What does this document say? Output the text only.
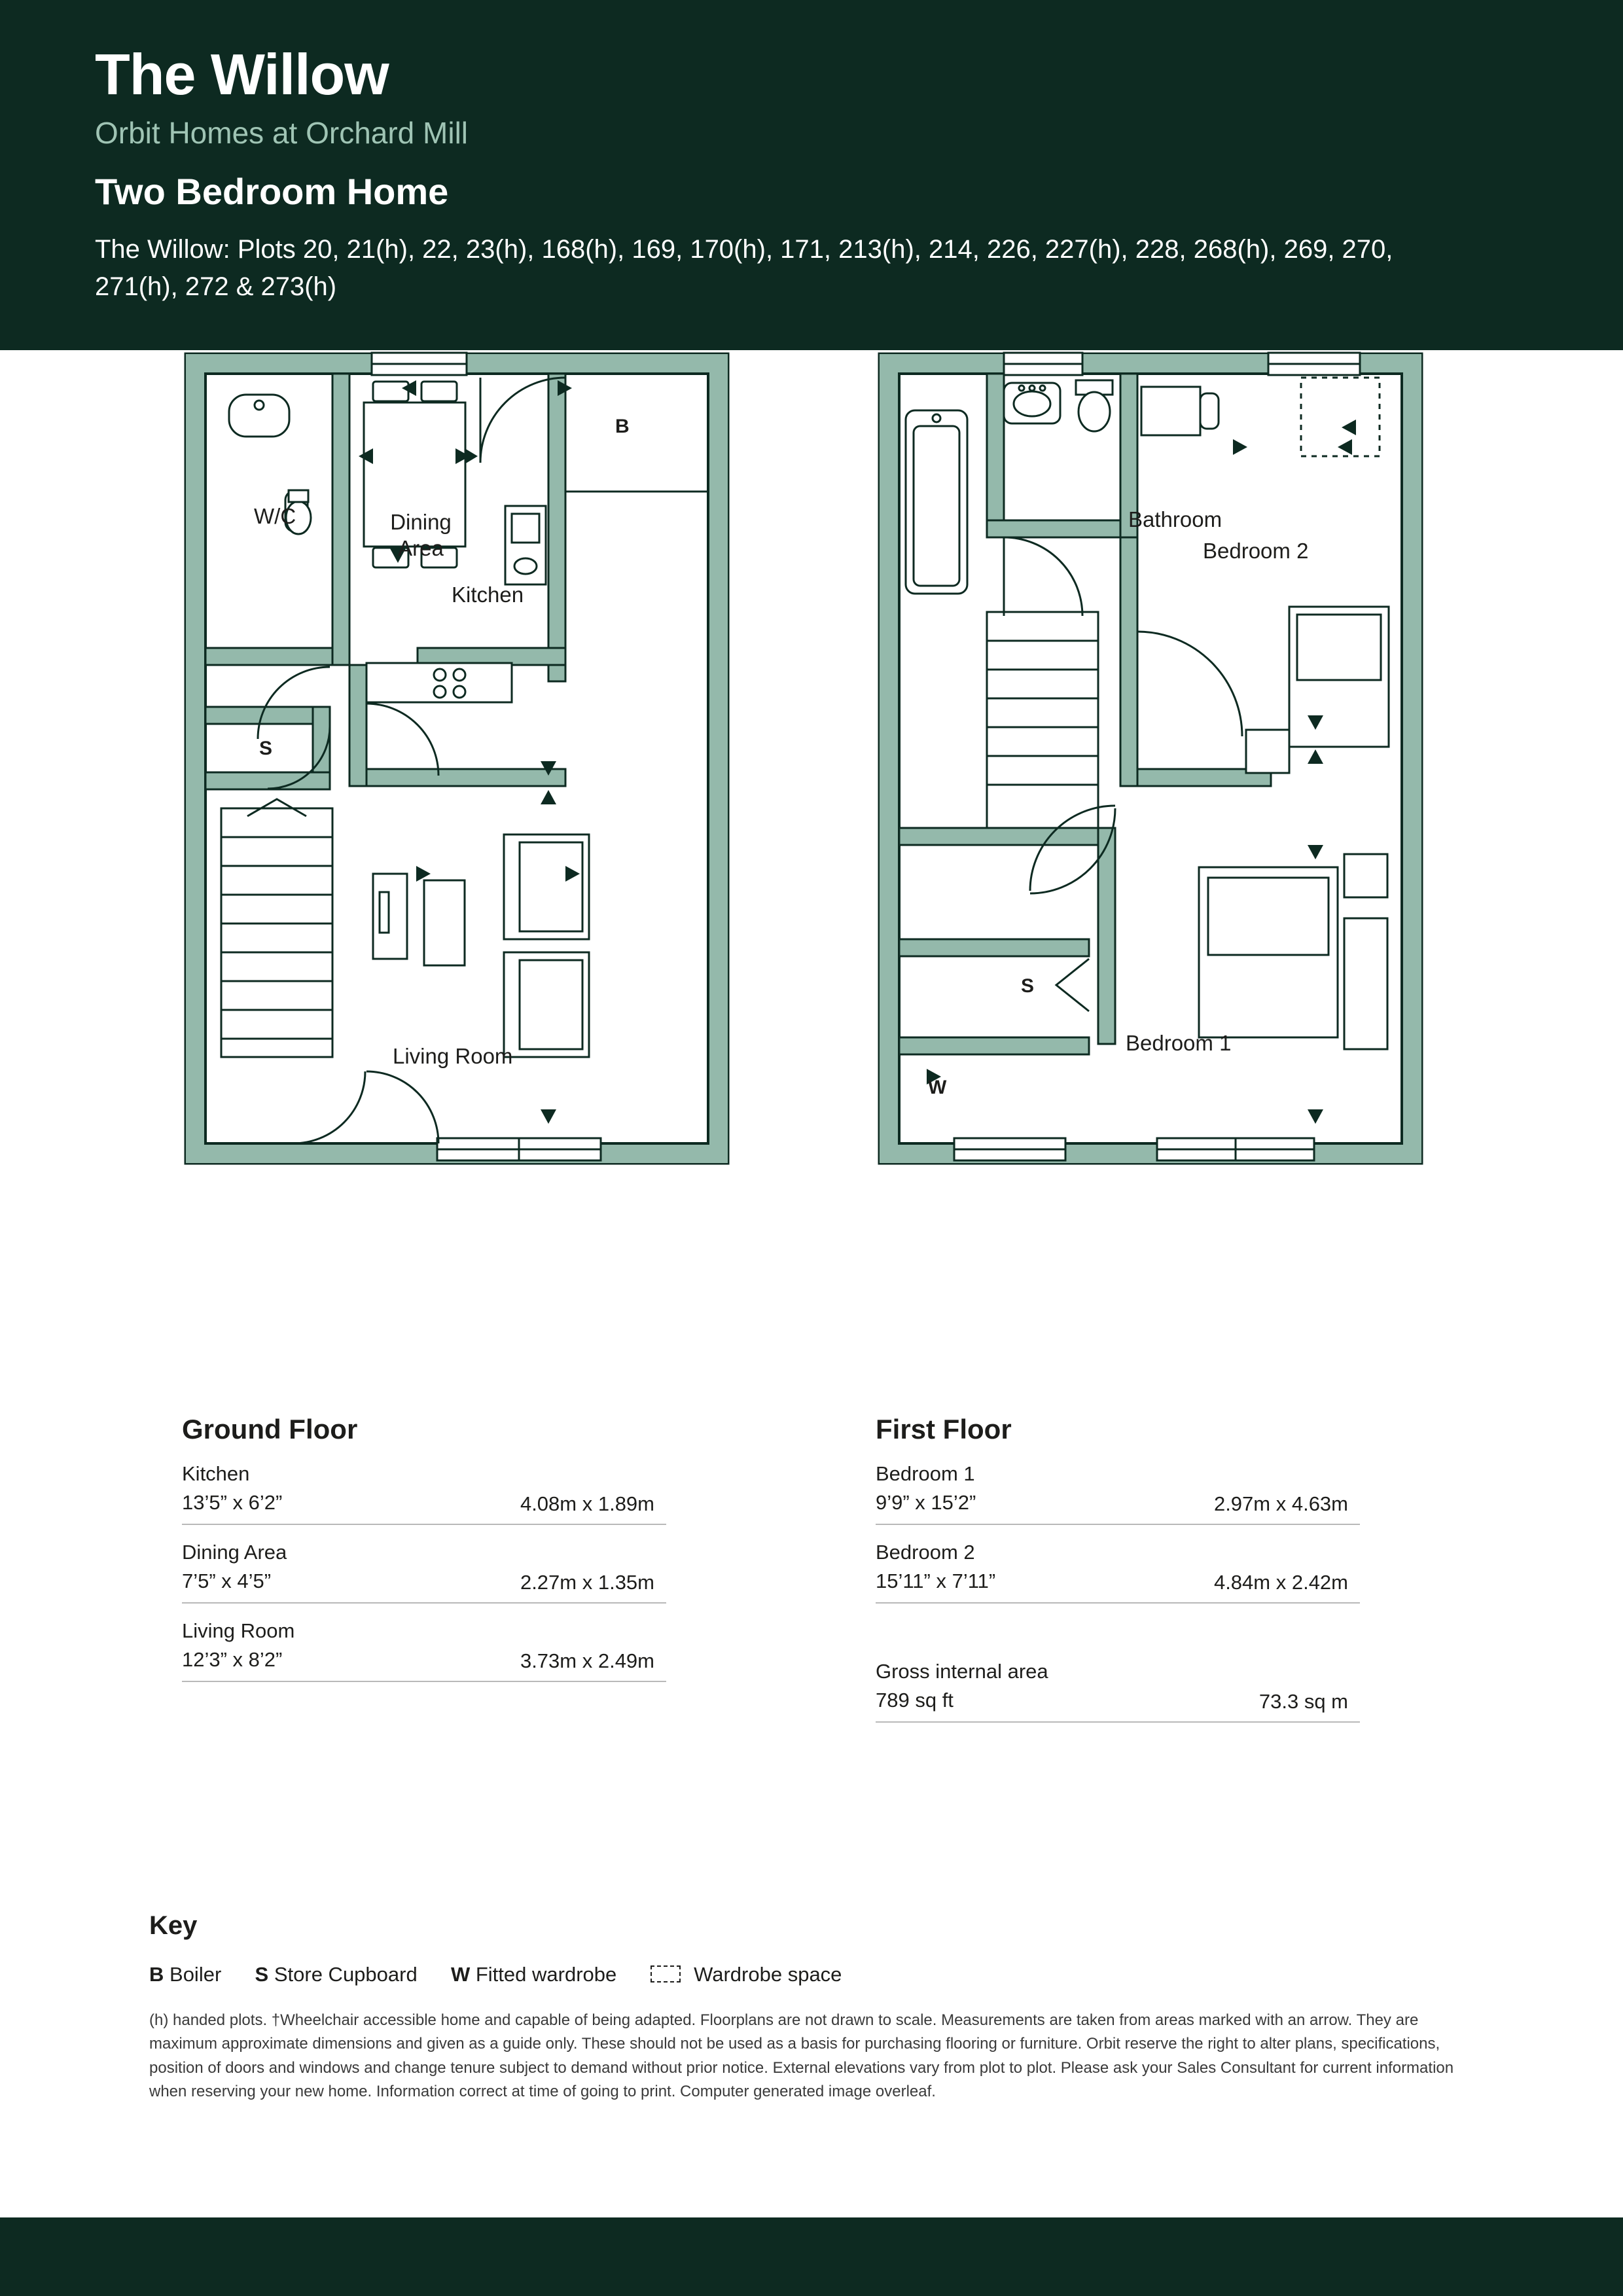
The Willow
Orbit Homes at Orchard Mill
Two Bedroom Home
The Willow: Plots 20, 21(h), 22, 23(h), 168(h), 169, 170(h), 171, 213(h), 214, 226, 227(h), 228, 268(h), 269, 270, 271(h), 272 & 273(h)
W/C	Dining
Area
Kitchen
Living Room
B
S
Bathroom
Bedroom 2
Bedroom 1
S
W
Ground Floor
Kitchen
13’5” x 6’2”	4.08m x 1.89m
Dining Area
7’5” x 4’5”	2.27m x 1.35m
Living Room
12’3” x 8’2”	3.73m x 2.49m
First Floor
Bedroom 1
9’9” x 15’2”	2.97m x 4.63m
Bedroom 2
15’11” x 7’11”	4.84m x 2.42m
Gross internal area
789 sq ft	73.3 sq m
Key

B Boiler S Store Cupboard W Fitted wardrobe	Wardrobe space

(h) handed plots. †Wheelchair accessible home and capable of being adapted. Floorplans are not drawn to scale. Measurements are taken from areas marked with an arrow. They are maximum approximate dimensions and given as a guide only. These should not be used as a basis for purchasing flooring or furniture. Orbit reserve the right to alter plans, specifications, position of doors and windows and change tenure subject to demand without prior notice. External elevations vary from plot to plot. Please ask your Sales Consultant for current information when reserving your new home. Information correct at time of going to print. Computer generated image overleaf.
